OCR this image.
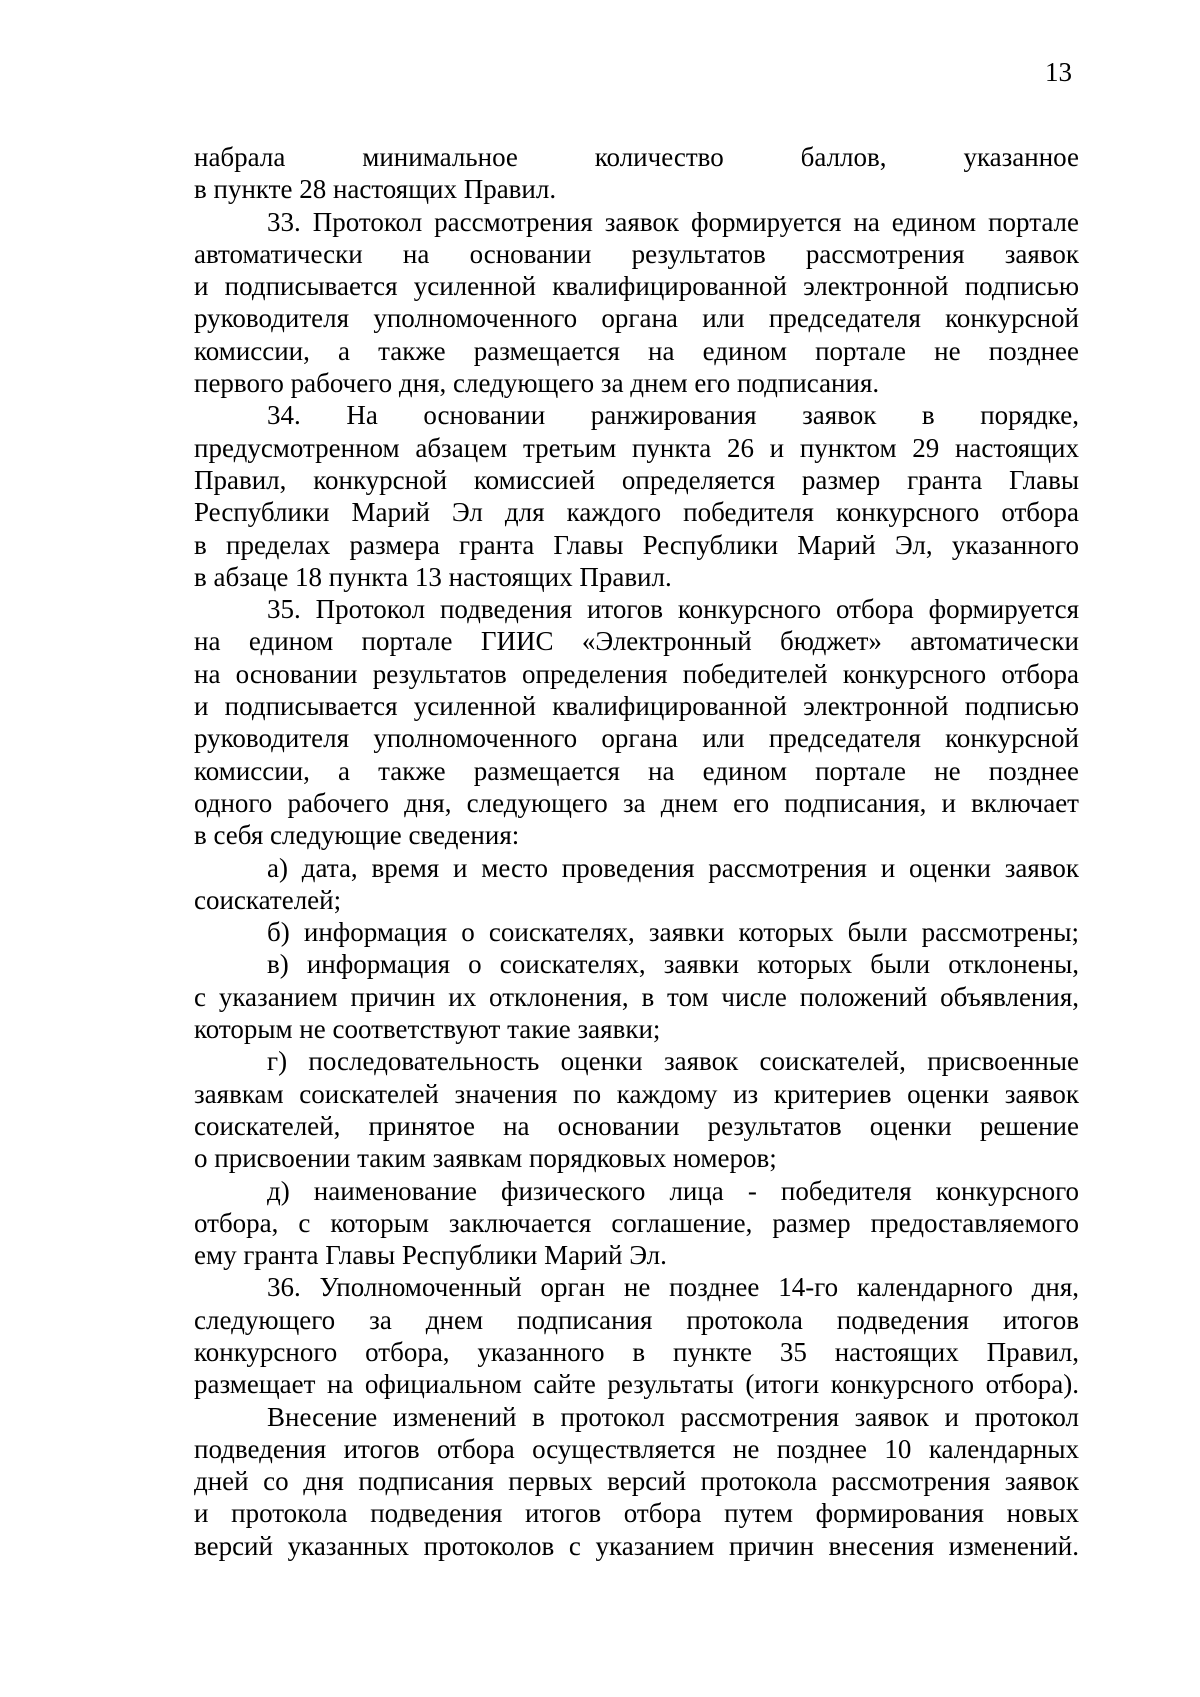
13
набрала минимальное количество баллов, указанное
в пункте 28 настоящих Правил.
33. Протокол рассмотрения заявок формируется на едином портале
автоматически на основании результатов рассмотрения заявок
и подписывается усиленной квалифицированной электронной подписью
руководителя уполномоченного органа или председателя конкурсной
комиссии, а также размещается на едином портале не позднее
первого рабочего дня, следующего за днем его подписания.
34. На основании ранжирования заявок в порядке,
предусмотренном абзацем третьим пункта 26 и пунктом 29 настоящих
Правил, конкурсной комиссией определяется размер гранта Главы
Республики Марий Эл для каждого победителя конкурсного отбора
в пределах размера гранта Главы Республики Марий Эл, указанного
в абзаце 18 пункта 13 настоящих Правил.
35. Протокол подведения итогов конкурсного отбора формируется
на едином портале ГИИС «Электронный бюджет» автоматически
на основании результатов определения победителей конкурсного отбора
и подписывается усиленной квалифицированной электронной подписью
руководителя уполномоченного органа или председателя конкурсной
комиссии, а также размещается на едином портале не позднее
одного рабочего дня, следующего за днем его подписания, и включает
в себя следующие сведения:
а) дата, время и место проведения рассмотрения и оценки заявок
соискателей;
б) информация о соискателях, заявки которых были рассмотрены;
в) информация о соискателях, заявки которых были отклонены,
с указанием причин их отклонения, в том числе положений объявления,
которым не соответствуют такие заявки;
г) последовательность оценки заявок соискателей, присвоенные
заявкам соискателей значения по каждому из критериев оценки заявок
соискателей, принятое на основании результатов оценки решение
о присвоении таким заявкам порядковых номеров;
д) наименование физического лица - победителя конкурсного
отбора, с которым заключается соглашение, размер предоставляемого
ему гранта Главы Республики Марий Эл.
36. Уполномоченный орган не позднее 14-го календарного дня,
следующего за днем подписания протокола подведения итогов
конкурсного отбора, указанного в пункте 35 настоящих Правил,
размещает на официальном сайте результаты (итоги конкурсного отбора).
Внесение изменений в протокол рассмотрения заявок и протокол
подведения итогов отбора осуществляется не позднее 10 календарных
дней со дня подписания первых версий протокола рассмотрения заявок
и протокола подведения итогов отбора путем формирования новых
версий указанных протоколов с указанием причин внесения изменений.
